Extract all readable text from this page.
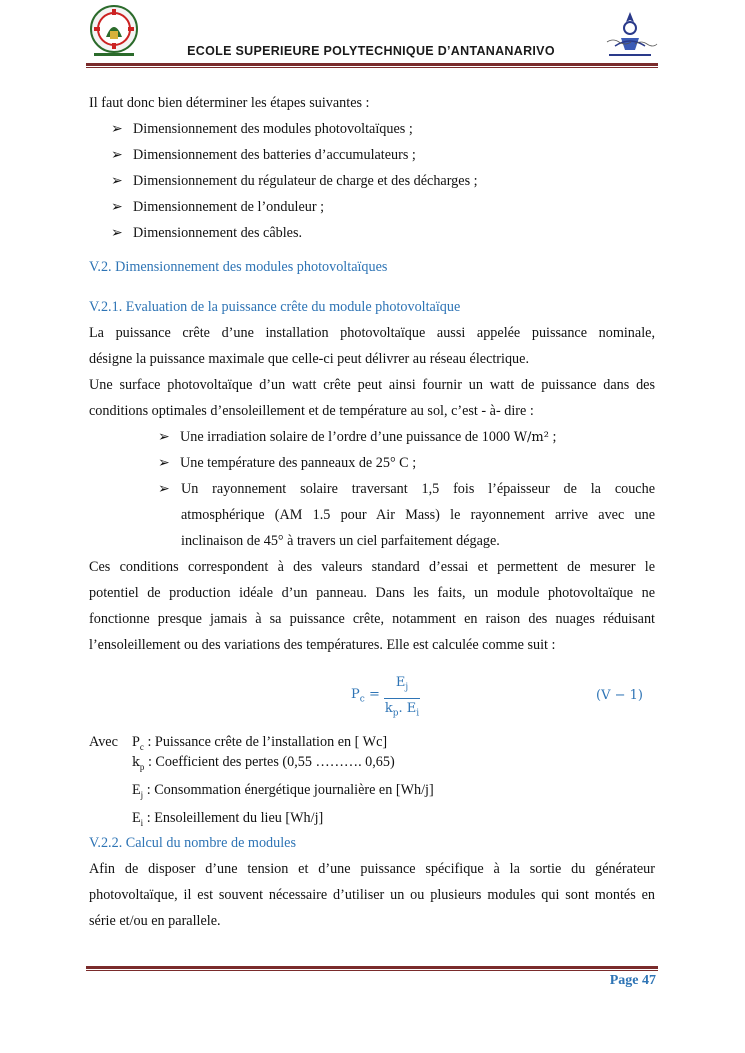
ECOLE SUPERIEURE POLYTECHNIQUE D’ANTANANARIVO
Il faut donc bien déterminer les étapes suivantes :
➢ Dimensionnement des modules photovoltaïques ;
➢ Dimensionnement des batteries d’accumulateurs ;
➢ Dimensionnement du régulateur de charge et des décharges ;
➢ Dimensionnement de l’onduleur ;
➢ Dimensionnement des câbles.
V.2. Dimensionnement des modules photovoltaïques
V.2.1. Evaluation de la puissance crête du module photovoltaïque
La puissance crête d’une installation photovoltaïque aussi appelée puissance nominale,
désigne la puissance maximale que celle-ci peut délivrer au réseau électrique.
Une surface photovoltaïque d’un watt crête peut ainsi fournir un watt de puissance dans des
conditions optimales d’ensoleillement et de température au sol, c’est - à- dire :
➢ Une irradiation solaire de l’ordre d’une puissance de 1000 W/m² ;
➢ Une température des panneaux de 25° C ;
➢ Un rayonnement solaire traversant 1,5 fois l’épaisseur de la couche
atmosphérique (AM 1.5 pour Air Mass) le rayonnement arrive avec une
inclinaison de 45° à travers un ciel parfaitement dégage.
Ces conditions correspondent à des valeurs standard d’essai et permettent de mesurer le
potentiel de production idéale d’un panneau. Dans les faits, un module photovoltaïque ne
fonctionne presque jamais à sa puissance crête, notamment en raison des nuages réduisant
l’ensoleillement ou des variations des températures. Elle est calculée comme suit :
$P_c$ =
$E_j$
$k_p$. $E_i$
(V − 1)
Avec $P_c$ : Puissance crête de l’installation en [ Wc]
$k_p$ : Coefficient des pertes (0,55 ………. 0,65)
$E_j$ : Consommation énergétique journalière en [Wh/j]
$E_i$ : Ensoleillement du lieu [Wh/j]
V.2.2. Calcul du nombre de modules
Afin de disposer d’une tension et d’une puissance spécifique à la sortie du générateur
photovoltaïque, il est souvent nécessaire d’utiliser un ou plusieurs modules qui sont montés en
série et/ou en parallele.
Page 47
